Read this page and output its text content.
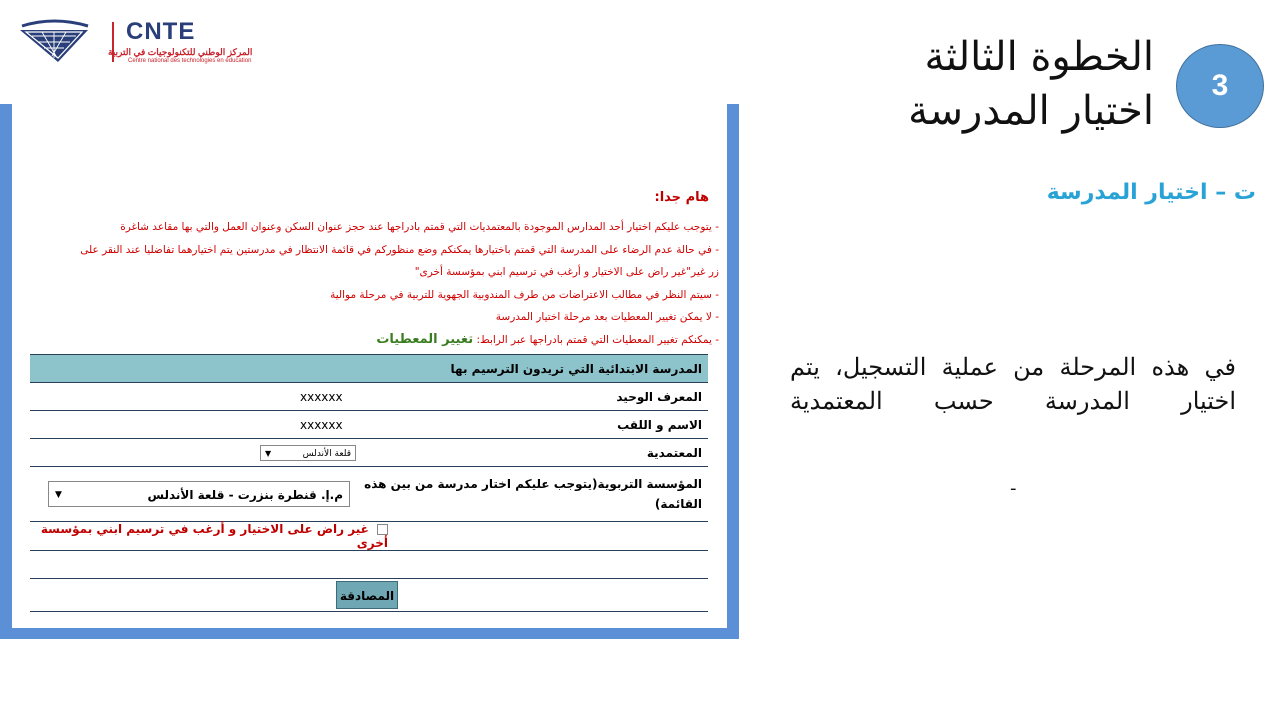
CNTE
المركز الوطني للتكنولوجيات في التربية
Centre national des technologies en éducation	الخطوة الثالثة
اختيار المدرسة
3
ت – اختيار المدرسة
في هذه المرحلة من عملية التسجيل، يتم اختيار المدرسة حسب المعتمدية
-
هام جدا:
- يتوجب عليكم اختيار أحد المدارس الموجودة بالمعتمديات التي قمتم بادراجها عند حجز عنوان السكن وعنوان العمل والتي بها مقاعد شاغرة
- في حالة عدم الرضاء على المدرسة التي قمتم باختيارها يمكنكم وضع منظوركم في قائمة الانتظار في مدرستين يتم اختيارهما تفاضليا عند النقر على
زر غير"غير راض على الاختيار و أرغب في ترسيم ابني بمؤسسة أخرى"
- سيتم النظر في مطالب الاعتراضات من طرف المندوبية الجهوية للتربية في مرحلة موالية
- لا يمكن تغيير المعطيات بعد مرحلة اختيار المدرسة
- يمكنكم تغيير المعطيات التي قمتم بادراجها عبر الرابط: تغيير المعطيات
المدرسة الابتدائية التي تريدون الترسيم بها	
المعرف الوحيد	xxxxxx
الاسم و اللقب	xxxxxx
المعتمدية	قلعة الأندلس
▼

المؤسسة التربوية(يتوجب عليكم اختار مدرسة من بين هذه القائمة)	م.إ. قنطرة بنزرت - قلعة الأندلس
▼

غير راض على الاختيار و أرغب في ترسيم ابني بمؤسسة أخرى	

المصادقة	
